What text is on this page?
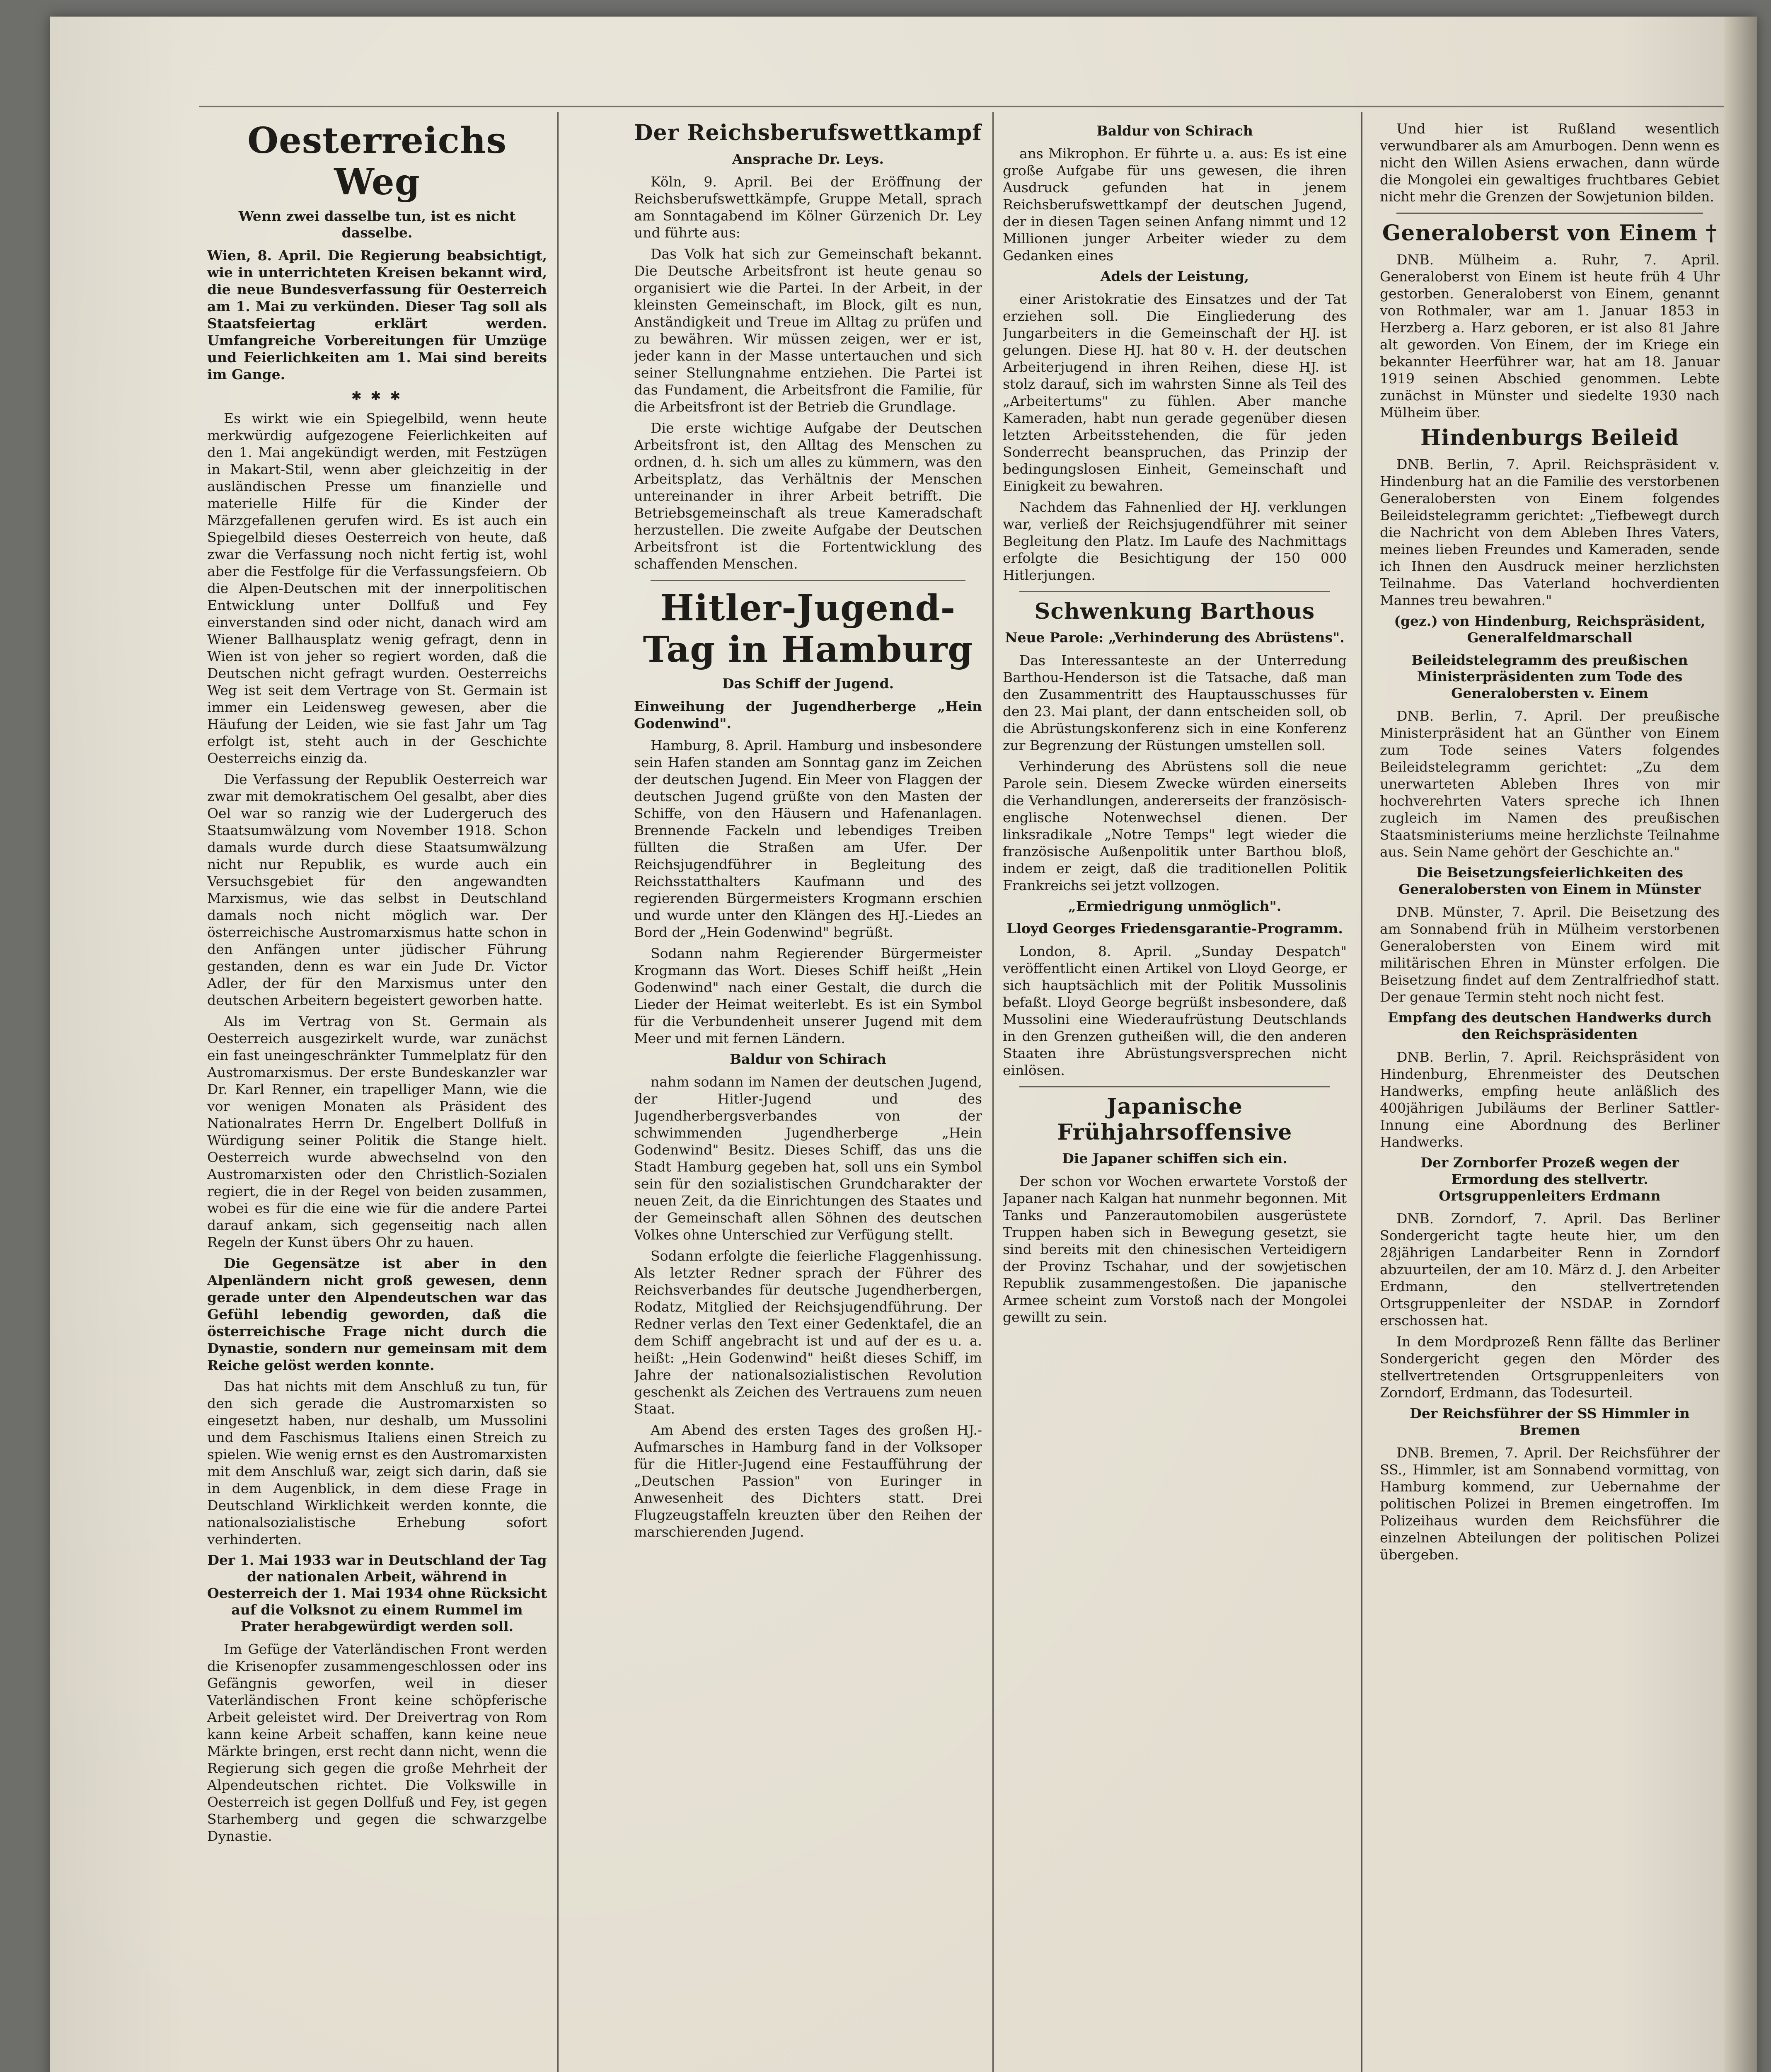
Oesterreichs Weg
Wenn zwei dasselbe tun, ist es nicht dasselbe.
Wien, 8. April. Die Regierung beabsichtigt, wie in unterrichteten Kreisen bekannt wird, die neue Bundesverfassung für Oesterreich am 1. Mai zu verkünden. Dieser Tag soll als Staatsfeiertag erklärt werden. Umfangreiche Vorbereitungen für Umzüge und Feierlichkeiten am 1. Mai sind bereits im Gange.
✱ ✱ ✱
Es wirkt wie ein Spiegelbild, wenn heute merkwürdig aufgezogene Feierlichkeiten auf den 1. Mai angekündigt werden, mit Festzügen in Makart-Stil, wenn aber gleichzeitig in der ausländischen Presse um finanzielle und materielle Hilfe für die Kinder der Märzgefallenen gerufen wird. Es ist auch ein Spiegelbild dieses Oesterreich von heute, daß zwar die Verfassung noch nicht fertig ist, wohl aber die Festfolge für die Verfassungsfeiern. Ob die Alpen-Deutschen mit der innerpolitischen Entwicklung unter Dollfuß und Fey einverstanden sind oder nicht, danach wird am Wiener Ballhausplatz wenig gefragt, denn in Wien ist von jeher so regiert worden, daß die Deutschen nicht gefragt wurden. Oesterreichs Weg ist seit dem Vertrage von St. Germain ist immer ein Leidensweg gewesen, aber die Häufung der Leiden, wie sie fast Jahr um Tag erfolgt ist, steht auch in der Geschichte Oesterreichs einzig da.
Die Verfassung der Republik Oesterreich war zwar mit demokratischem Oel gesalbt, aber dies Oel war so ranzig wie der Ludergeruch des Staatsumwälzung vom November 1918. Schon damals wurde durch diese Staatsumwälzung nicht nur Republik, es wurde auch ein Versuchsgebiet für den angewandten Marxismus, wie das selbst in Deutschland damals noch nicht möglich war. Der österreichische Austromarxismus hatte schon in den Anfängen unter jüdischer Führung gestanden, denn es war ein Jude Dr. Victor Adler, der für den Marxismus unter den deutschen Arbeitern begeistert geworben hatte.
Als im Vertrag von St. Germain als Oesterreich ausgezirkelt wurde, war zunächst ein fast uneingeschränkter Tummelplatz für den Austromarxismus. Der erste Bundeskanzler war Dr. Karl Renner, ein trapelliger Mann, wie die vor wenigen Monaten als Präsident des Nationalrates Herrn Dr. Engelbert Dollfuß in Würdigung seiner Politik die Stange hielt. Oesterreich wurde abwechselnd von den Austromarxisten oder den Christlich-Sozialen regiert, die in der Regel von beiden zusammen, wobei es für die eine wie für die andere Partei darauf ankam, sich gegenseitig nach allen Regeln der Kunst übers Ohr zu hauen.
Die Gegensätze ist aber in den Alpenländern nicht groß gewesen, denn gerade unter den Alpendeutschen war das Gefühl lebendig geworden, daß die österreichische Frage nicht durch die Dynastie, sondern nur gemeinsam mit dem Reiche gelöst werden konnte.
Das hat nichts mit dem Anschluß zu tun, für den sich gerade die Austromarxisten so eingesetzt haben, nur deshalb, um Mussolini und dem Faschismus Italiens einen Streich zu spielen. Wie wenig ernst es den Austromarxisten mit dem Anschluß war, zeigt sich darin, daß sie in dem Augenblick, in dem diese Frage in Deutschland Wirklichkeit werden konnte, die nationalsozialistische Erhebung sofort verhinderten.
Der 1. Mai 1933 war in Deutschland der Tag der nationalen Arbeit, während in Oesterreich der 1. Mai 1934 ohne Rücksicht auf die Volksnot zu einem Rummel im Prater herabgewürdigt werden soll.
Im Gefüge der Vaterländischen Front werden die Krisenopfer zusammengeschlossen oder ins Gefängnis geworfen, weil in dieser Vaterländischen Front keine schöpferische Arbeit geleistet wird. Der Dreivertrag von Rom kann keine Arbeit schaffen, kann keine neue Märkte bringen, erst recht dann nicht, wenn die Regierung sich gegen die große Mehrheit der Alpendeutschen richtet. Die Volkswille in Oesterreich ist gegen Dollfuß und Fey, ist gegen Starhemberg und gegen die schwarzgelbe Dynastie.
Der Reichsberufswettkampf
Ansprache Dr. Leys.
Köln, 9. April. Bei der Eröffnung der Reichsberufswettkämpfe, Gruppe Metall, sprach am Sonntagabend im Kölner Gürzenich Dr. Ley und führte aus:
Das Volk hat sich zur Gemeinschaft bekannt. Die Deutsche Arbeitsfront ist heute genau so organisiert wie die Partei. In der Arbeit, in der kleinsten Gemeinschaft, im Block, gilt es nun, Anständigkeit und Treue im Alltag zu prüfen und zu bewähren. Wir müssen zeigen, wer er ist, jeder kann in der Masse untertauchen und sich seiner Stellungnahme entziehen. Die Partei ist das Fundament, die Arbeitsfront die Familie, für die Arbeitsfront ist der Betrieb die Grundlage.
Die erste wichtige Aufgabe der Deutschen Arbeitsfront ist, den Alltag des Menschen zu ordnen, d. h. sich um alles zu kümmern, was den Arbeitsplatz, das Verhältnis der Menschen untereinander in ihrer Arbeit betrifft. Die Betriebsgemeinschaft als treue Kameradschaft herzustellen. Die zweite Aufgabe der Deutschen Arbeitsfront ist die Fortentwicklung des schaffenden Menschen.
Hitler-Jugend-Tag in Hamburg
Das Schiff der Jugend.
Einweihung der Jugendherberge „Hein Godenwind".
Hamburg, 8. April. Hamburg und insbesondere sein Hafen standen am Sonntag ganz im Zeichen der deutschen Jugend. Ein Meer von Flaggen der deutschen Jugend grüßte von den Masten der Schiffe, von den Häusern und Hafenanlagen. Brennende Fackeln und lebendiges Treiben füllten die Straßen am Ufer. Der Reichsjugendführer in Begleitung des Reichsstatthalters Kaufmann und des regierenden Bürgermeisters Krogmann erschien und wurde unter den Klängen des HJ.-Liedes an Bord der „Hein Godenwind" begrüßt.
Sodann nahm Regierender Bürgermeister Krogmann das Wort. Dieses Schiff heißt „Hein Godenwind" nach einer Gestalt, die durch die Lieder der Heimat weiterlebt. Es ist ein Symbol für die Verbundenheit unserer Jugend mit dem Meer und mit fernen Ländern.
Baldur von Schirach
nahm sodann im Namen der deutschen Jugend, der Hitler-Jugend und des Jugendherbergsverbandes von der schwimmenden Jugendherberge „Hein Godenwind" Besitz. Dieses Schiff, das uns die Stadt Hamburg gegeben hat, soll uns ein Symbol sein für den sozialistischen Grundcharakter der neuen Zeit, da die Einrichtungen des Staates und der Gemeinschaft allen Söhnen des deutschen Volkes ohne Unterschied zur Verfügung stellt.
Sodann erfolgte die feierliche Flaggenhissung. Als letzter Redner sprach der Führer des Reichsverbandes für deutsche Jugendherbergen, Rodatz, Mitglied der Reichsjugendführung. Der Redner verlas den Text einer Gedenktafel, die an dem Schiff angebracht ist und auf der es u. a. heißt: „Hein Godenwind" heißt dieses Schiff, im Jahre der nationalsozialistischen Revolution geschenkt als Zeichen des Vertrauens zum neuen Staat.
Am Abend des ersten Tages des großen HJ.-Aufmarsches in Hamburg fand in der Volksoper für die Hitler-Jugend eine Festaufführung der „Deutschen Passion" von Euringer in Anwesenheit des Dichters statt. Drei Flugzeugstaffeln kreuzten über den Reihen der marschierenden Jugend.
Baldur von Schirach
ans Mikrophon. Er führte u. a. aus: Es ist eine große Aufgabe für uns gewesen, die ihren Ausdruck gefunden hat in jenem Reichsberufswettkampf der deutschen Jugend, der in diesen Tagen seinen Anfang nimmt und 12 Millionen junger Arbeiter wieder zu dem Gedanken eines
Adels der Leistung,
einer Aristokratie des Einsatzes und der Tat erziehen soll. Die Eingliederung des Jungarbeiters in die Gemeinschaft der HJ. ist gelungen. Diese HJ. hat 80 v. H. der deutschen Arbeiterjugend in ihren Reihen, diese HJ. ist stolz darauf, sich im wahrsten Sinne als Teil des „Arbeitertums" zu fühlen. Aber manche Kameraden, habt nun gerade gegenüber diesen letzten Arbeitsstehenden, die für jeden Sonderrecht beanspruchen, das Prinzip der bedingungslosen Einheit, Gemeinschaft und Einigkeit zu bewahren.
Nachdem das Fahnenlied der HJ. verklungen war, verließ der Reichsjugendführer mit seiner Begleitung den Platz. Im Laufe des Nachmittags erfolgte die Besichtigung der 150 000 Hitlerjungen.
Schwenkung Barthous
Neue Parole: „Verhinderung des Abrüstens".
Das Interessanteste an der Unterredung Barthou-Henderson ist die Tatsache, daß man den Zusammentritt des Hauptausschusses für den 23. Mai plant, der dann entscheiden soll, ob die Abrüstungskonferenz sich in eine Konferenz zur Begrenzung der Rüstungen umstellen soll.
Verhinderung des Abrüstens soll die neue Parole sein. Diesem Zwecke würden einerseits die Verhandlungen, andererseits der französisch-englische Notenwechsel dienen. Der linksradikale „Notre Temps" legt wieder die französische Außenpolitik unter Barthou bloß, indem er zeigt, daß die traditionellen Politik Frankreichs sei jetzt vollzogen.
„Ermiedrigung unmöglich".
Lloyd Georges Friedensgarantie-Programm.
London, 8. April. „Sunday Despatch" veröffentlicht einen Artikel von Lloyd George, er sich hauptsächlich mit der Politik Mussolinis befaßt. Lloyd George begrüßt insbesondere, daß Mussolini eine Wiederaufrüstung Deutschlands in den Grenzen gutheißen will, die den anderen Staaten ihre Abrüstungsversprechen nicht einlösen.
Japanische Frühjahrsoffensive
Die Japaner schiffen sich ein.
Der schon vor Wochen erwartete Vorstoß der Japaner nach Kalgan hat nunmehr begonnen. Mit Tanks und Panzerautomobilen ausgerüstete Truppen haben sich in Bewegung gesetzt, sie sind bereits mit den chinesischen Verteidigern der Provinz Tschahar, und der sowjetischen Republik zusammengestoßen. Die japanische Armee scheint zum Vorstoß nach der Mongolei gewillt zu sein.
Und hier ist Rußland wesentlich verwundbarer als am Amurbogen. Denn wenn es nicht den Willen Asiens erwachen, dann würde die Mongolei ein gewaltiges fruchtbares Gebiet nicht mehr die Grenzen der Sowjetunion bilden.
Generaloberst von Einem †
DNB. Mülheim a. Ruhr, 7. April. Generaloberst von Einem ist heute früh 4 Uhr gestorben. Generaloberst von Einem, genannt von Rothmaler, war am 1. Januar 1853 in Herzberg a. Harz geboren, er ist also 81 Jahre alt geworden. Von Einem, der im Kriege ein bekannter Heerführer war, hat am 18. Januar 1919 seinen Abschied genommen. Lebte zunächst in Münster und siedelte 1930 nach Mülheim über.
Hindenburgs Beileid
DNB. Berlin, 7. April. Reichspräsident v. Hindenburg hat an die Familie des verstorbenen Generalobersten von Einem folgendes Beileidstelegramm gerichtet: „Tiefbewegt durch die Nachricht von dem Ableben Ihres Vaters, meines lieben Freundes und Kameraden, sende ich Ihnen den Ausdruck meiner herzlichsten Teilnahme. Das Vaterland hochverdienten Mannes treu bewahren."
(gez.) von Hindenburg, Reichspräsident, Generalfeldmarschall
Beileidstelegramm des preußischen Ministerpräsidenten zum Tode des Generalobersten v. Einem
DNB. Berlin, 7. April. Der preußische Ministerpräsident hat an Günther von Einem zum Tode seines Vaters folgendes Beileidstelegramm gerichtet: „Zu dem unerwarteten Ableben Ihres von mir hochverehrten Vaters spreche ich Ihnen zugleich im Namen des preußischen Staatsministeriums meine herzlichste Teilnahme aus. Sein Name gehört der Geschichte an."
Die Beisetzungsfeierlichkeiten des Generalobersten von Einem in Münster
DNB. Münster, 7. April. Die Beisetzung des am Sonnabend früh in Mülheim verstorbenen Generalobersten von Einem wird mit militärischen Ehren in Münster erfolgen. Die Beisetzung findet auf dem Zentralfriedhof statt. Der genaue Termin steht noch nicht fest.
Empfang des deutschen Handwerks durch den Reichspräsidenten
DNB. Berlin, 7. April. Reichspräsident von Hindenburg, Ehrenmeister des Deutschen Handwerks, empfing heute anläßlich des 400jährigen Jubiläums der Berliner Sattler-Innung eine Abordnung des Berliner Handwerks.
Der Zornborfer Prozeß wegen der Ermordung des stellvertr. Ortsgruppenleiters Erdmann
DNB. Zorndorf, 7. April. Das Berliner Sondergericht tagte heute hier, um den 28jährigen Landarbeiter Renn in Zorndorf abzuurteilen, der am 10. März d. J. den Arbeiter Erdmann, den stellvertretenden Ortsgruppenleiter der NSDAP. in Zorndorf erschossen hat.
In dem Mordprozeß Renn fällte das Berliner Sondergericht gegen den Mörder des stellvertretenden Ortsgruppenleiters von Zorndorf, Erdmann, das Todesurteil.
Der Reichsführer der SS Himmler in Bremen
DNB. Bremen, 7. April. Der Reichsführer der SS., Himmler, ist am Sonnabend vormittag, von Hamburg kommend, zur Uebernahme der politischen Polizei in Bremen eingetroffen. Im Polizeihaus wurden dem Reichsführer die einzelnen Abteilungen der politischen Polizei übergeben.
